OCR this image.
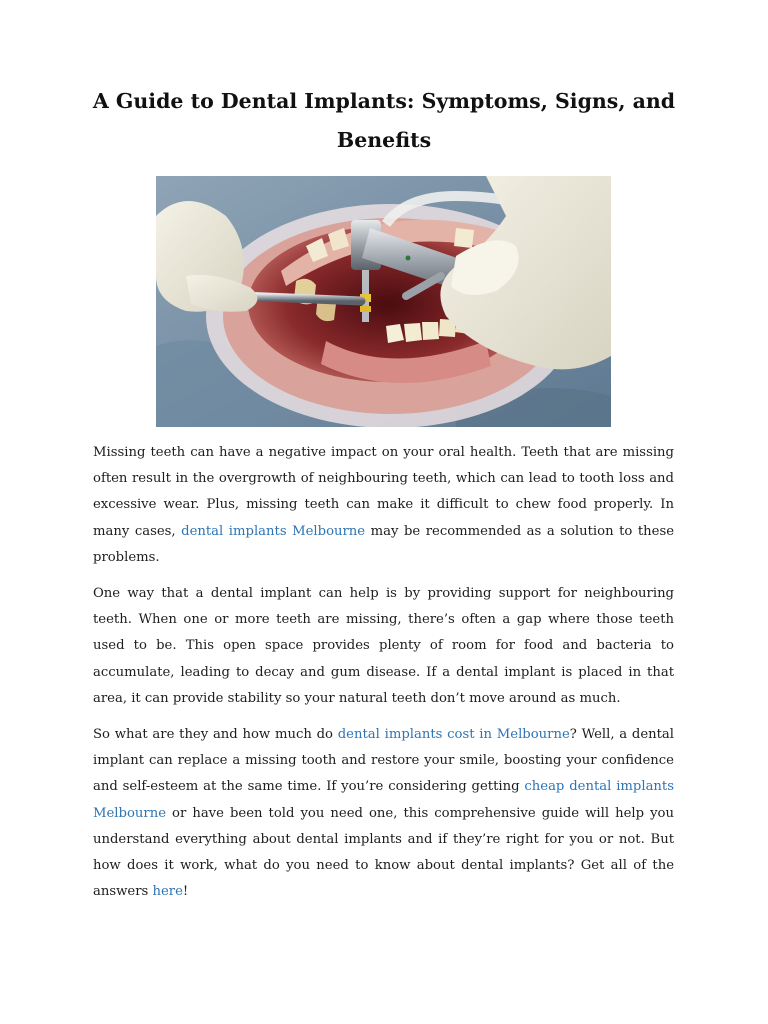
A Guide to Dental Implants: Symptoms, Signs, and Benefits

Missing teeth can have a negative impact on your oral health. Teeth that are missing often result in the overgrowth of neighbouring teeth, which can lead to tooth loss and excessive wear. Plus, missing teeth can make it difficult to chew food properly. In many cases, dental implants Melbourne may be recommended as a solution to these problems.

One way that a dental implant can help is by providing support for neighbouring teeth. When one or more teeth are missing, there’s often a gap where those teeth used to be. This open space provides plenty of room for food and bacteria to accumulate, leading to decay and gum disease. If a dental implant is placed in that area, it can provide stability so your natural teeth don’t move around as much.

So what are they and how much do dental implants cost in Melbourne? Well, a dental implant can replace a missing tooth and restore your smile, boosting your confidence and self-esteem at the same time. If you’re considering getting cheap dental implants Melbourne or have been told you need one, this comprehensive guide will help you understand everything about dental implants and if they’re right for you or not. But how does it work, what do you need to know about dental implants? Get all of the answers here!
